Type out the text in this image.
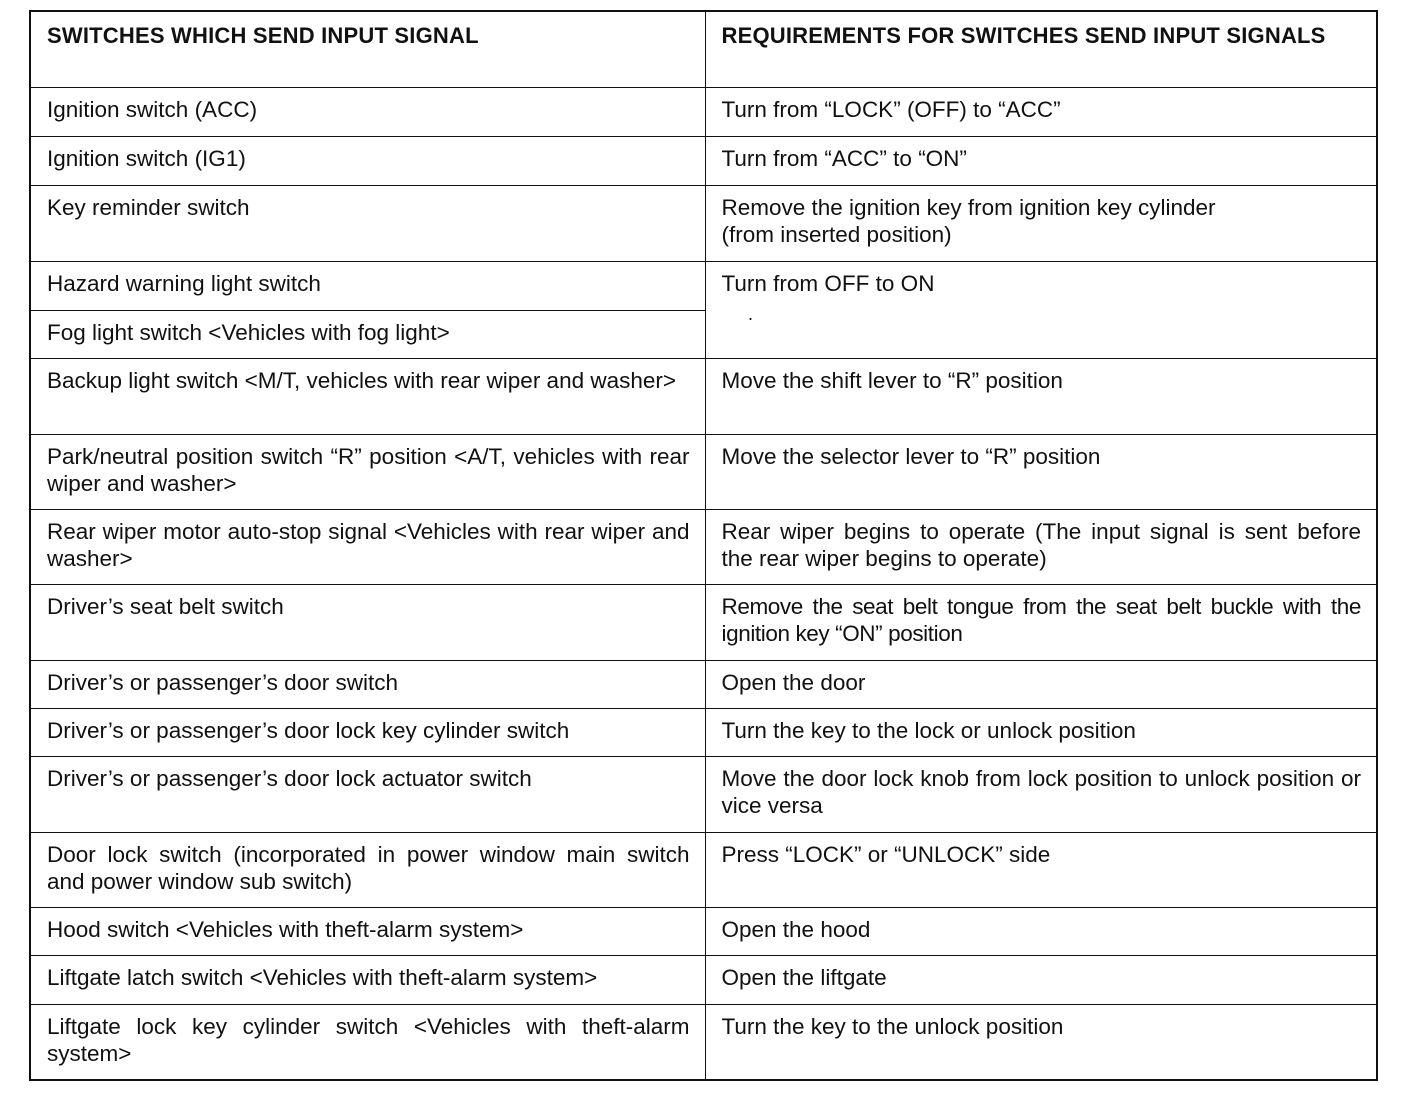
SWITCHES WHICH SEND INPUT SIGNAL	REQUIREMENTS FOR SWITCHES SEND INPUT SIGNALS
Ignition switch (ACC)	Turn from “LOCK” (OFF) to “ACC”
Ignition switch (IG1)	Turn from “ACC” to “ON”
Key reminder switch	Remove the ignition key from ignition key cylinder
(from inserted position)

Hazard warning light switch	Turn from OFF to ON
·

Fog light switch <Vehicles with fog light>	
Backup light switch <M/T, vehicles with rear wiper and washer>	Move the shift lever to “R” position
Park/neutral position switch “R” position <A/T, vehicles with rear wiper and washer>	Move the selector lever to “R” position
Rear wiper motor auto-stop signal <Vehicles with rear wiper and washer>	Rear wiper begins to operate (The input signal is sent before the rear wiper begins to operate)
Driver’s seat belt switch	Remove the seat belt tongue from the seat belt buckle with the ignition key “ON” position
Driver’s or passenger’s door switch	Open the door
Driver’s or passenger’s door lock key cylinder switch	Turn the key to the lock or unlock position
Driver’s or passenger’s door lock actuator switch	Move the door lock knob from lock position to unlock position or vice versa
Door lock switch (incorporated in power window main switch and power window sub switch)	Press “LOCK” or “UNLOCK” side
Hood switch <Vehicles with theft-alarm system>	Open the hood
Liftgate latch switch <Vehicles with theft-alarm system>	Open the liftgate
Liftgate lock key cylinder switch <Vehicles with theft-alarm system>	Turn the key to the unlock position
